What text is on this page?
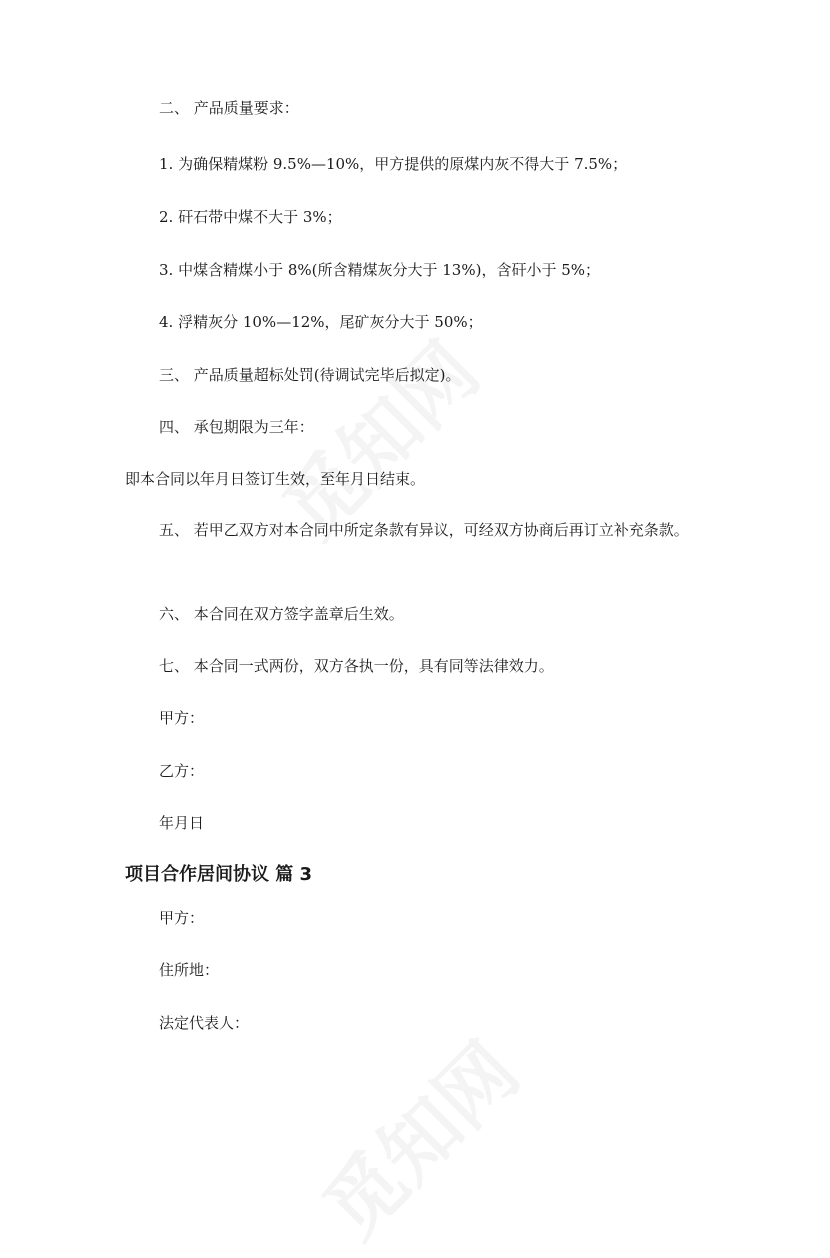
二、 产品质量要求：
1. 为确保精煤粉 9.5%—10%，甲方提供的原煤内灰不得大于 7.5%；
2. 矸石带中煤不大于 3%；
3. 中煤含精煤小于 8%(所含精煤灰分大于 13%)，含矸小于 5%；
4. 浮精灰分 10%—12%，尾矿灰分大于 50%；
三、 产品质量超标处罚(待调试完毕后拟定)。
四、 承包期限为三年：
即本合同以年月日签订生效，至年月日结束。
五、 若甲乙双方对本合同中所定条款有异议，可经双方协商后再订立补充条款。
六、 本合同在双方签字盖章后生效。
七、 本合同一式两份，双方各执一份，具有同等法律效力。
甲方：
乙方：
年月日
项目合作居间协议 篇 3
甲方：
住所地：
法定代表人：
